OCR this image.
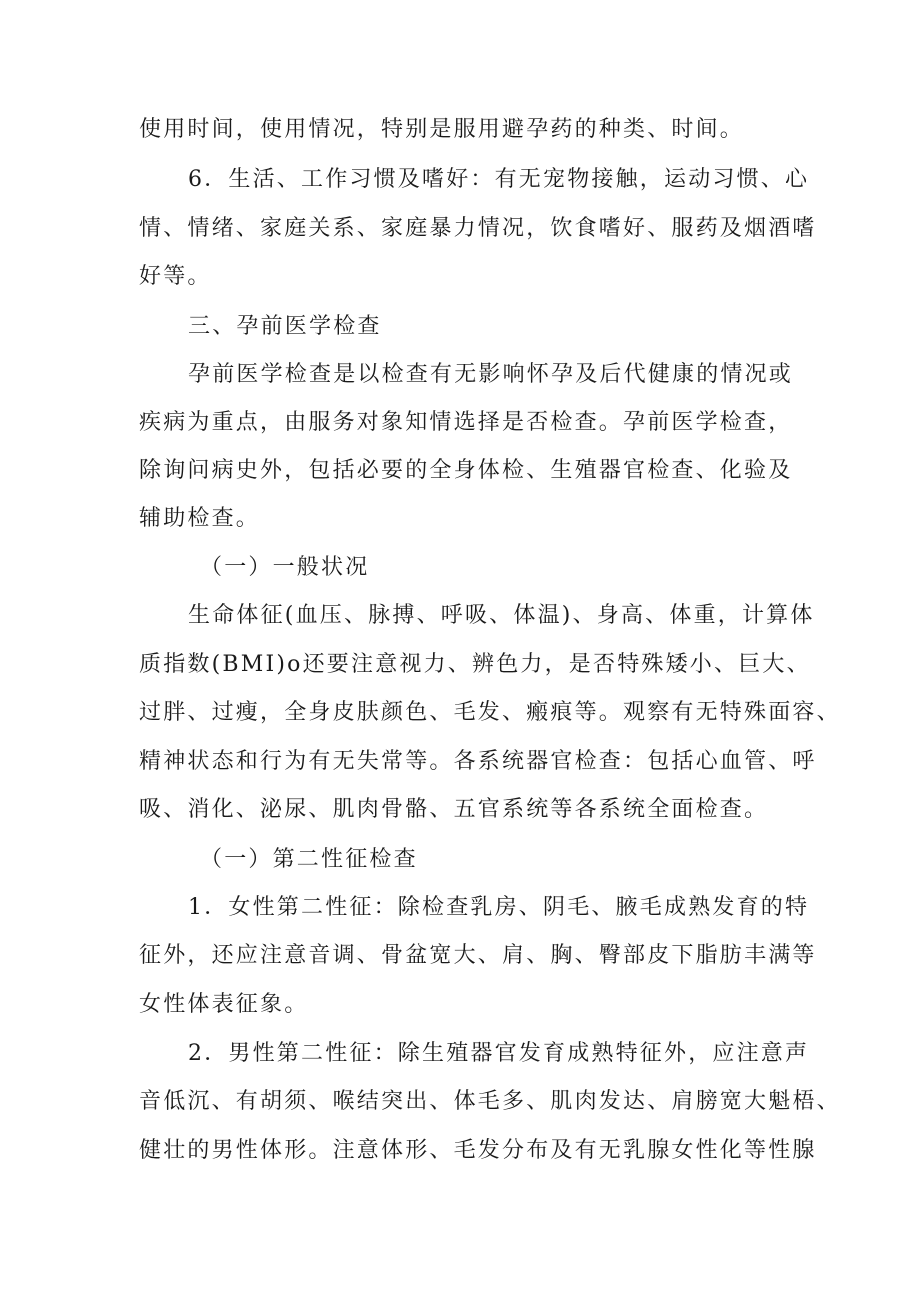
使用时间，使用情况，特别是服用避孕药的种类、时间。
6．生活、工作习惯及嗜好：有无宠物接触，运动习惯、心
情、情绪、家庭关系、家庭暴力情况，饮食嗜好、服药及烟酒嗜
好等。
三、孕前医学检查
孕前医学检查是以检查有无影响怀孕及后代健康的情况或
疾病为重点，由服务对象知情选择是否检查。孕前医学检查，
除询问病史外，包括必要的全身体检、生殖器官检查、化验及
辅助检查。
（一）一般状况
生命体征(血压、脉搏、呼吸、体温)、身高、体重，计算体
质指数(BMI)o还要注意视力、辨色力，是否特殊矮小、巨大、
过胖、过瘦，全身皮肤颜色、毛发、瘢痕等。观察有无特殊面容、
精神状态和行为有无失常等。各系统器官检查：包括心血管、呼
吸、消化、泌尿、肌肉骨骼、五官系统等各系统全面检查。
（一）第二性征检查
1．女性第二性征：除检查乳房、阴毛、腋毛成熟发育的特
征外，还应注意音调、骨盆宽大、肩、胸、臀部皮下脂肪丰满等
女性体表征象。
2．男性第二性征：除生殖器官发育成熟特征外，应注意声
音低沉、有胡须、喉结突出、体毛多、肌肉发达、肩膀宽大魁梧、
健壮的男性体形。注意体形、毛发分布及有无乳腺女性化等性腺
